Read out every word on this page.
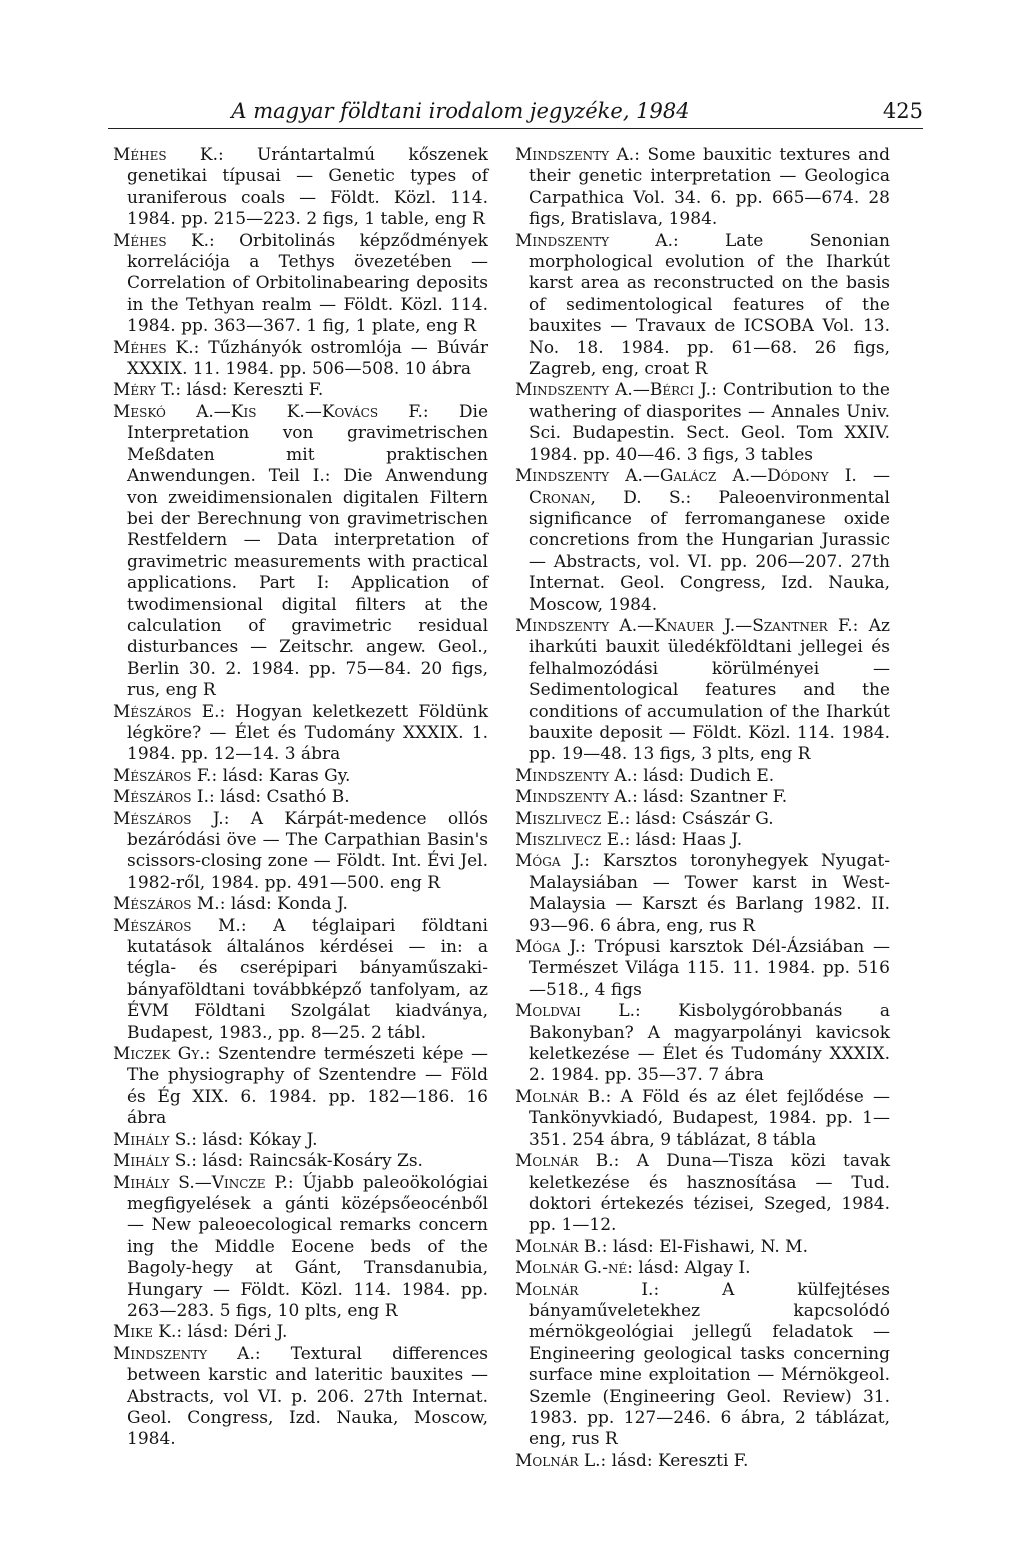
A magyar földtani irodalom jegyzéke, 1984	425

Méhes K.: Urántartalmú kőszenek genetikai típusai — Genetic types of uraniferous coals — Földt. Közl. 114. 1984. pp. 215—223. 2 figs, 1 table, eng R

Méhes K.: Orbitolinás képződmények korrelációja a Tethys övezetében — Correlation of Orbitolinabearing deposits in the Tethyan realm — Földt. Közl. 114. 1984. pp. 363—367. 1 fig, 1 plate, eng R

Méhes K.: Tűzhányók ostromlója — Búvár XXXIX. 11. 1984. pp. 506—508. 10 ábra

Méry T.: lásd: Kereszti F.

Meskó A.—Kis K.—Kovács F.: Die Interpretation von gravimetrischen Meßdaten mit praktischen Anwendungen. Teil I.: Die Anwendung von zweidimensionalen digitalen Filtern bei der Berechnung von gravimetrischen Restfeldern — Data interpretation of gravimetric measurements with practical applications. Part I: Application of twodimensional digital filters at the calculation of gravimetric residual disturbances — Zeitschr. angew. Geol., Berlin 30. 2. 1984. pp. 75—84. 20 figs, rus, eng R

Mészáros E.: Hogyan keletkezett Földünk légköre? — Élet és Tudomány XXXIX. 1. 1984. pp. 12—14. 3 ábra

Mészáros F.: lásd: Karas Gy.

Mészáros I.: lásd: Csathó B.

Mészáros J.: A Kárpát-medence ollós bezáródási öve — The Carpathian Basin's scissors-closing zone — Földt. Int. Évi Jel. 1982-ről, 1984. pp. 491—500. eng R

Mészáros M.: lásd: Konda J.

Mészáros M.: A téglaipari földtani kutatások általános kérdései — in: a tégla- és cserépipari bányaműszaki-bányaföldtani továbbképző tanfolyam, az ÉVM Földtani Szolgálat kiadványa, Budapest, 1983., pp. 8—25. 2 tábl.

Miczek Gy.: Szentendre természeti képe — The physiography of Szentendre — Föld és Ég XIX. 6. 1984. pp. 182—186. 16 ábra

Mihály S.: lásd: Kókay J.

Mihály S.: lásd: Raincsák-Kosáry Zs.

Mihály S.—Vincze P.: Újabb paleoökológiai megfigyelések a gánti középsőeocénből — New paleoecological remarks concern ing the Middle Eocene beds of the Bagoly-hegy at Gánt, Transdanubia, Hungary — Földt. Közl. 114. 1984. pp. 263—283. 5 figs, 10 plts, eng R

Mike K.: lásd: Déri J.

Mindszenty A.: Textural differences between karstic and lateritic bauxites — Abstracts, vol VI. p. 206. 27th Internat. Geol. Congress, Izd. Nauka, Moscow, 1984.

Mindszenty A.: Some bauxitic textures and their genetic interpretation — Geologica Carpathica Vol. 34. 6. pp. 665—674. 28 figs, Bratislava, 1984.

Mindszenty A.: Late Senonian morphological evolution of the Iharkút karst area as reconstructed on the basis of sedimentological features of the bauxites — Travaux de ICSOBA Vol. 13. No. 18. 1984. pp. 61—68. 26 figs, Zagreb, eng, croat R

Mindszenty A.—Bérci J.: Contribution to the wathering of diasporites — Annales Univ. Sci. Budapestin. Sect. Geol. Tom XXIV. 1984. pp. 40—46. 3 figs, 3 tables

Mindszenty A.—Galácz A.—Dódony I. —Cronan, D. S.: Paleoenvironmental significance of ferromanganese oxide concretions from the Hungarian Jurassic — Abstracts, vol. VI. pp. 206—207. 27th Internat. Geol. Congress, Izd. Nauka, Moscow, 1984.

Mindszenty A.—Knauer J.—Szantner F.: Az iharkúti bauxit üledékföldtani jellegei és felhalmozódási körülményei — Sedimentological features and the conditions of accumulation of the Iharkút bauxite deposit — Földt. Közl. 114. 1984. pp. 19—48. 13 figs, 3 plts, eng R

Mindszenty A.: lásd: Dudich E.

Mindszenty A.: lásd: Szantner F.

Miszlivecz E.: lásd: Császár G.

Miszlivecz E.: lásd: Haas J.

Móga J.: Karsztos toronyhegyek Nyugat-Malaysiában — Tower karst in West-Malaysia — Karszt és Barlang 1982. II. 93—96. 6 ábra, eng, rus R

Móga J.: Trópusi karsztok Dél-Ázsiában — Természet Világa 115. 11. 1984. pp. 516—518., 4 figs

Moldvai L.: Kisbolygórobbanás a Bakonyban? A magyarpolányi kavicsok keletkezése — Élet és Tudomány XXXIX. 2. 1984. pp. 35—37. 7 ábra

Molnár B.: A Föld és az élet fejlődése — Tankönyvkiadó, Budapest, 1984. pp. 1—351. 254 ábra, 9 táblázat, 8 tábla

Molnár B.: A Duna—Tisza közi tavak keletkezése és hasznosítása — Tud. doktori értekezés tézisei, Szeged, 1984. pp. 1—12.

Molnár B.: lásd: El-Fishawi, N. M.

Molnár G.-né: lásd: Algay I.

Molnár I.: A külfejtéses bányaműveletekhez kapcsolódó mérnökgeológiai jellegű feladatok — Engineering geological tasks concerning surface mine exploitation — Mérnökgeol. Szemle (Engineering Geol. Review) 31. 1983. pp. 127—246. 6 ábra, 2 táblázat, eng, rus R

Molnár L.: lásd: Kereszti F.
